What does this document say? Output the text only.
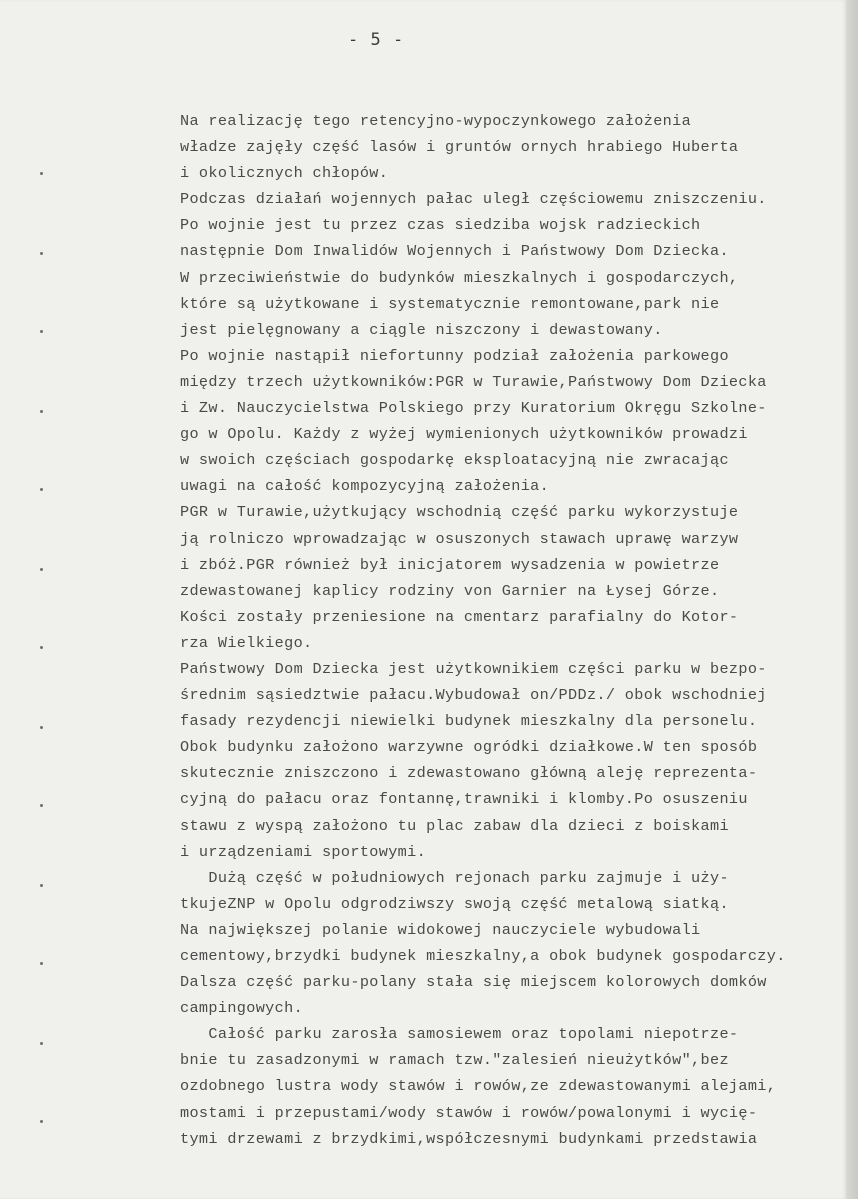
- 5 -
Na realizację tego retencyjno-wypoczynkowego założenia
władze zajęły część lasów i gruntów ornych hrabiego Huberta
i okolicznych chłopów.
Podczas działań wojennych pałac uległ częściowemu zniszczeniu.
Po wojnie jest tu przez czas siedziba wojsk radzieckich
następnie Dom Inwalidów Wojennych i Państwowy Dom Dziecka.
W przeciwieństwie do budynków mieszkalnych i gospodarczych,
które są użytkowane i systematycznie remontowane,park nie
jest pielęgnowany a ciągle niszczony i dewastowany.
Po wojnie nastąpił niefortunny podział założenia parkowego
między trzech użytkowników:PGR w Turawie,Państwowy Dom Dziecka
i Zw. Nauczycielstwa Polskiego przy Kuratorium Okręgu Szkolne-
go w Opolu. Każdy z wyżej wymienionych użytkowników prowadzi
w swoich częściach gospodarkę eksploatacyjną nie zwracając
uwagi na całość kompozycyjną założenia.
PGR w Turawie,użytkujący wschodnią część parku wykorzystuje
ją rolniczo wprowadzając w osuszonych stawach uprawę warzyw
i zbóż.PGR również był inicjatorem wysadzenia w powietrze
zdewastowanej kaplicy rodziny von Garnier na Łysej Górze.
Kości zostały przeniesione na cmentarz parafialny do Kotor-
rza Wielkiego.
Państwowy Dom Dziecka jest użytkownikiem części parku w bezpo-
średnim sąsiedztwie pałacu.Wybudował on/PDDz./ obok wschodniej
fasady rezydencji niewielki budynek mieszkalny dla personelu.
Obok budynku założono warzywne ogródki działkowe.W ten sposób
skutecznie zniszczono i zdewastowano główną aleję reprezenta-
cyjną do pałacu oraz fontannę,trawniki i klomby.Po osuszeniu
stawu z wyspą założono tu plac zabaw dla dzieci z boiskami
i urządzeniami sportowymi.
Dużą część w południowych rejonach parku zajmuje i uży-
tkujeZNP w Opolu odgrodziwszy swoją część metalową siatką.
Na największej polanie widokowej nauczyciele wybudowali
cementowy,brzydki budynek mieszkalny,a obok budynek gospodarczy.
Dalsza część parku-polany stała się miejscem kolorowych domków
campingowych.
Całość parku zarosła samosiewem oraz topolami niepotrze-
bnie tu zasadzonymi w ramach tzw."zalesień nieużytków",bez
ozdobnego lustra wody stawów i rowów,ze zdewastowanymi alejami,
mostami i przepustami/wody stawów i rowów/powalonymi i wycię-
tymi drzewami z brzydkimi,współczesnymi budynkami przedstawia
